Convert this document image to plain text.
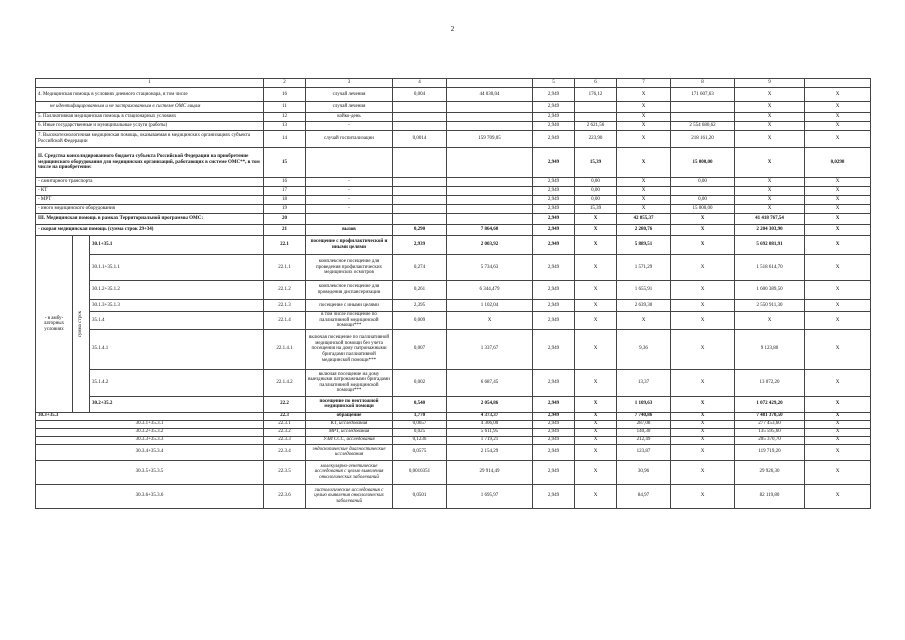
2
1			2	3	4		5	6	7	8	9	
4. Медицинская помощь в условиях дневного стационара, в том числе			16	случай лечения	0,004	44 030,04	2,949	176,12	X	171 607,63	X	X
не идентифицированным и не застрахованным в системе ОМС лицам			11	случай лечения			2,949		X		X	X
5. Паллиативная медицинская помощь в стационарных условиях			12	койко-день			2,949		X		X	X
6. Иные государственные и муниципальные услуги (работы)			13	-			2,940	2 621,56	X	2 554 680,62	X	X
7. Высокотехнологичная медицинская помощь, оказываемая в медицинских организациях субъекта Российской Федерации			14	случай госпитализации	0,0014	159 709,05	2,949	223,90	X	218 161,20	X	X
II. Средства консолидированного бюджета субъекта Российской Федерации на приобретение медицинского оборудования для медицинских организаций, работающих в системе ОМС**, в том числе на приобретение:			15				2,949	15,39	X	15 000,00	X	0,0298
- санитарного транспорта			16	-			2,949	0,00	X	0,00	X	X
- КТ			17	-			2,949	0,00	X		X	X
- МРТ			18	-			2,949	0,00	X	0,00	X	X
- иного медицинского оборудования			19	-			2,949	15,39	X	15 000,00	X	X
III. Медицинская помощь в рамках Территориальной программы ОМС:			20				2,949	X	42 855,37	X	41 418 767,54	X
- скорая медицинская помощь (сумма строк 29+34)			21	вызов	0,290	7 864,60	2,949	X	2 280,76	X	2 204 303,90	X
- в амбу-латорных условиях	сумма строк	30.1+35.1	22.1	посещение с профилактической и иными целями	2,939	2 003,92	2,949	X	5 889,51	X	5 692 081,91	X
		30.1.1+35.1.1	22.1.1	комплексное посещение для проведения профилактических медицинских осмотров	0,274	5 734,63	2,949	X	1 571,29	X	1 518 614,70	X
		30.1.2+35.1.2	22.1.2	комплексное посещение для проведения диспансеризации	0,261	6 344,479	2,949	X	1 655,91	X	1 600 389,50	X
		30.1.3+35.1.3	22.1.3	посещение с иными целями	2,395	1 102,04	2,949	X	2 639,30	X	2 550 911,30	X
		35.1.4	22.1.4	в том числе посещение по паллиативной медицинской помощи***	0,009	X	2,949	X	X	X	X	X
		35.1.4.1	22.1.4.1	включая посещение по паллиативной медицинской помощи без учета посещения на дому патронажными бригадами паллиативной медицинской помощи***	0,007	1 337,67	2,949	X	9,36	X	9 123,80	X
		35.1.4.2	22.1.4.2	включая посещение на дому выездными патронажными бригадами паллиативной медицинской помощи***	0,002	6 687,45	2,949	X	13,37	X	13 072,20	X
		30.2+35.2	22.2	посещение по неотложной медицинской помощи	0,540	2 054,86	2,949	X	1 109,63	X	1 072 429,20	X
30.3+35.3			22.3	обращение	1,770	4 373,37	2,949	X	7 740,86	X	7 481 370,50	X
30.3.1+35.3.1			22.3.1	КТ, исследования	0,0657	4 306,00	2,949	X	287,08	X	277 453,60	X
30.3.2+35.3.2			22.3.2	МРТ, исследования	0,025	5 611,95	2,949	X	140,30	X	135 595,60	X
30.3.3+35.3.3			22.3.3	УЗИ ССС, исследования	0,1236	1 719,21	2,949	X	212,49	X	205 370,70	X
30.3.4+35.3.4			22.3.4	эндоскопические диагностические исследования	0,0575	2 154,29	2,949	X	123,87	X	119 719,20	X
30.3.5+35.3.5			22.3.5	молекулярно-генетические исследования с целью выявления онкологических заболеваний	0,0010351	29 914,49	2,949	X	30,96	X	29 926,30	X
30.3.6+35.3.6			22.3.6	гистологические исследования с целью выявления онкологических заболеваний	0,0501	1 695,97	2,949	X	84,97	X	82 119,80	X
